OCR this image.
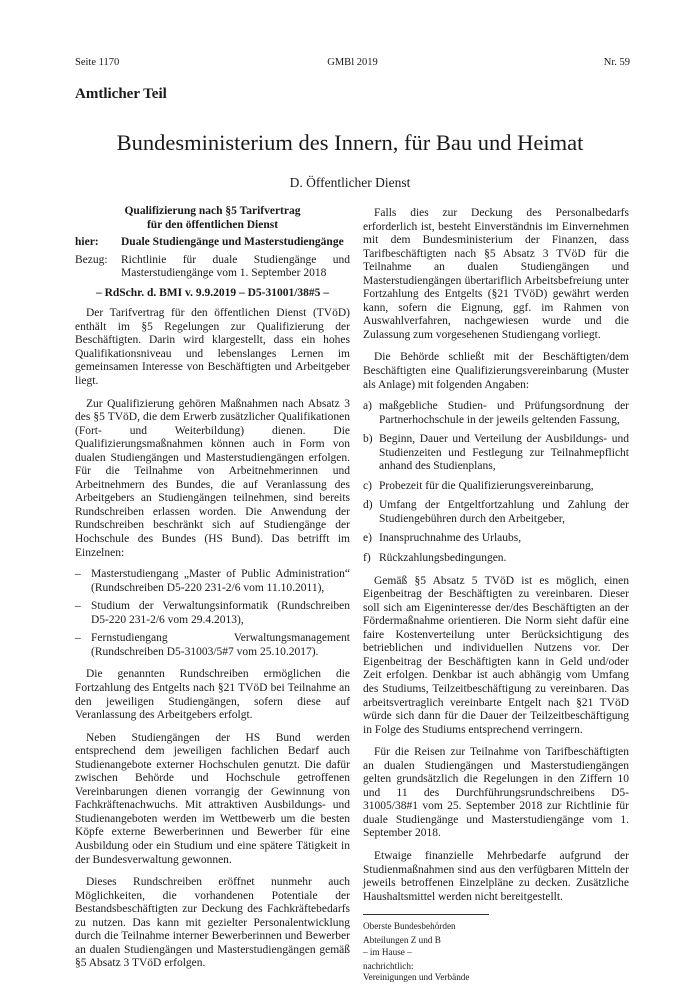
Seite 1170	GMBl 2019	Nr. 59
Amtlicher Teil
Bundesministerium des Innern, für Bau und Heimat
D. Öffentlicher Dienst
Qualifizierung nach §5 Tarifvertrag
für den öffentlichen Dienst
hier:	Duale Studiengänge und Masterstudiengänge
Bezug:	Richtlinie für duale Studiengänge und Masterstudiengänge vom 1. September 2018
– RdSchr. d. BMI v. 9.9.2019 – D5-31001/38#5 –

Der Tarifvertrag für den öffentlichen Dienst (TVöD) enthält im §5 Regelungen zur Qualifizierung der Beschäftigten. Darin wird klargestellt, dass ein hohes Qualifikationsniveau und lebenslanges Lernen im gemeinsamen Interesse von Beschäftigten und Arbeitgeber liegt.

Zur Qualifizierung gehören Maßnahmen nach Absatz 3 des §5 TVöD, die dem Erwerb zusätzlicher Qualifikationen (Fort- und Weiterbildung) dienen. Die Qualifizierungsmaßnahmen können auch in Form von dualen Studiengängen und Masterstudiengängen erfolgen. Für die Teilnahme von Arbeitnehmerinnen und Arbeitnehmern des Bundes, die auf Veranlassung des Arbeitgebers an Studiengängen teilnehmen, sind bereits Rundschreiben erlassen worden. Die Anwendung der Rundschreiben beschränkt sich auf Studiengänge der Hochschule des Bundes (HS Bund). Das betrifft im Einzelnen:

– Masterstudiengang „Master of Public Administration“ (Rundschreiben D5-220 231-2/6 vom 11.10.2011),
– Studium der Verwaltungsinformatik (Rundschreiben D5-220 231-2/6 vom 29.4.2013),
– Fernstudiengang Verwaltungsmanagement (Rundschreiben D5-31003/5#7 vom 25.10.2017).

Die genannten Rundschreiben ermöglichen die Fortzahlung des Entgelts nach §21 TVöD bei Teilnahme an den jeweiligen Studiengängen, sofern diese auf Veranlassung des Arbeitgebers erfolgt.

Neben Studiengängen der HS Bund werden entsprechend dem jeweiligen fachlichen Bedarf auch Studienangebote externer Hochschulen genutzt. Die dafür zwischen Behörde und Hochschule getroffenen Vereinbarungen dienen vorrangig der Gewinnung von Fachkräftenachwuchs. Mit attraktiven Ausbildungs- und Studienangeboten werden im Wettbewerb um die besten Köpfe externe Bewerberinnen und Bewerber für eine Ausbildung oder ein Studium und eine spätere Tätigkeit in der Bundesverwaltung gewonnen.

Dieses Rundschreiben eröffnet nunmehr auch Möglichkeiten, die vorhandenen Potentiale der Bestandsbeschäftigten zur Deckung des Fachkräftebedarfs zu nutzen. Das kann mit gezielter Personalentwicklung durch die Teilnahme interner Bewerberinnen und Bewerber an dualen Studiengängen und Masterstudiengängen gemäß §5 Absatz 3 TVöD erfolgen.

Falls dies zur Deckung des Personalbedarfs erforderlich ist, besteht Einverständnis im Einvernehmen mit dem Bundesministerium der Finanzen, dass Tarifbeschäftigten nach §5 Absatz 3 TVöD für die Teilnahme an dualen Studiengängen und Masterstudiengängen übertariflich Arbeitsbefreiung unter Fortzahlung des Entgelts (§21 TVöD) gewährt werden kann, sofern die Eignung, ggf. im Rahmen von Auswahlverfahren, nachgewiesen wurde und die Zulassung zum vorgesehenen Studiengang vorliegt.

Die Behörde schließt mit der Beschäftigten/dem Beschäftigten eine Qualifizierungsvereinbarung (Muster als Anlage) mit folgenden Angaben:

a) maßgebliche Studien- und Prüfungsordnung der Partnerhochschule in der jeweils geltenden Fassung,
b) Beginn, Dauer und Verteilung der Ausbildungs- und Studienzeiten und Festlegung zur Teilnahmepflicht anhand des Studienplans,
c) Probezeit für die Qualifizierungsvereinbarung,
d) Umfang der Entgeltfortzahlung und Zahlung der Studiengebühren durch den Arbeitgeber,
e) Inanspruchnahme des Urlaubs,
f) Rückzahlungsbedingungen.

Gemäß §5 Absatz 5 TVöD ist es möglich, einen Eigenbeitrag der Beschäftigten zu vereinbaren. Dieser soll sich am Eigeninteresse der/des Beschäftigten an der Fördermaßnahme orientieren. Die Norm sieht dafür eine faire Kostenverteilung unter Berücksichtigung des betrieblichen und individuellen Nutzens vor. Der Eigenbeitrag der Beschäftigten kann in Geld und/oder Zeit erfolgen. Denkbar ist auch abhängig vom Umfang des Studiums, Teilzeitbeschäftigung zu vereinbaren. Das arbeitsvertraglich vereinbarte Entgelt nach §21 TVöD würde sich dann für die Dauer der Teilzeitbeschäftigung in Folge des Studiums entsprechend verringern.

Für die Reisen zur Teilnahme von Tarifbeschäftigten an dualen Studiengängen und Masterstudiengängen gelten grundsätzlich die Regelungen in den Ziffern 10 und 11 des Durchführungsrundschreibens D5-31005/38#1 vom 25. September 2018 zur Richtlinie für duale Studiengänge und Masterstudiengänge vom 1. September 2018.

Etwaige finanzielle Mehrbedarfe aufgrund der Studienmaßnahmen sind aus den verfügbaren Mitteln der jeweils betroffenen Einzelpläne zu decken. Zusätzliche Haushaltsmittel werden nicht bereitgestellt.

Oberste Bundesbehörden
Abteilungen Z und B
– im Hause –
nachrichtlich:
Vereinigungen und Verbände
